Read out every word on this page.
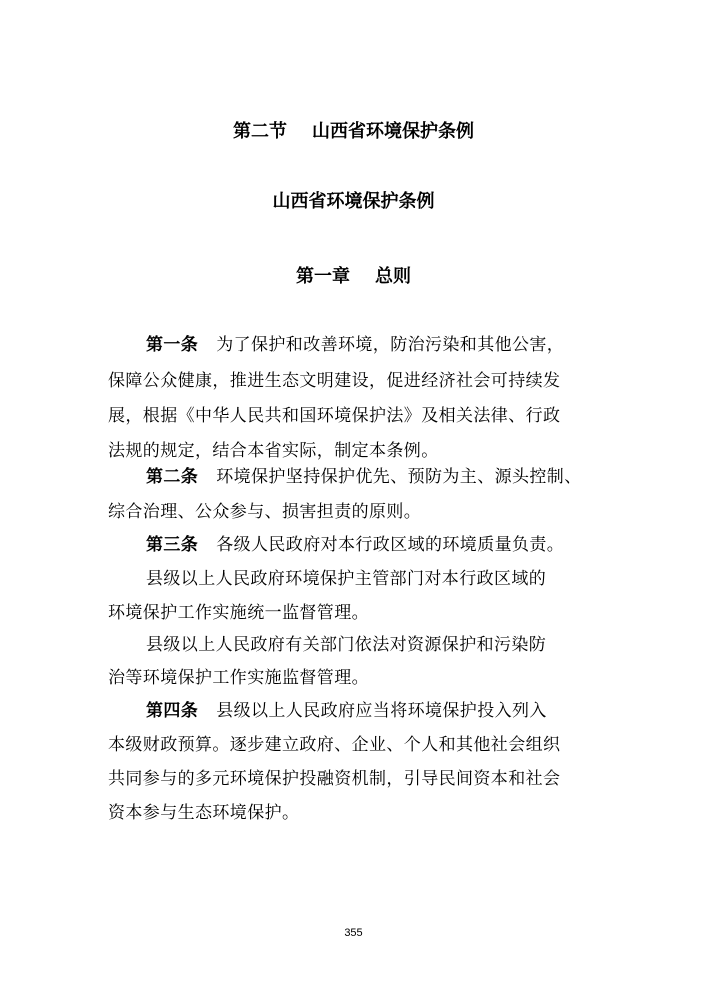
第二节    山西省环境保护条例
山西省环境保护条例
第一章    总则
第一条 为了保护和改善环境，防治污染和其他公害，
保障公众健康，推进生态文明建设，促进经济社会可持续发
展，根据《中华人民共和国环境保护法》及相关法律、行政
法规的规定，结合本省实际，制定本条例。
第二条 环境保护坚持保护优先、预防为主、源头控制、
综合治理、公众参与、损害担责的原则。
第三条 各级人民政府对本行政区域的环境质量负责。
县级以上人民政府环境保护主管部门对本行政区域的
环境保护工作实施统一监督管理。
县级以上人民政府有关部门依法对资源保护和污染防
治等环境保护工作实施监督管理。
第四条 县级以上人民政府应当将环境保护投入列入
本级财政预算。逐步建立政府、企业、个人和其他社会组织
共同参与的多元环境保护投融资机制，引导民间资本和社会
资本参与生态环境保护。
355
